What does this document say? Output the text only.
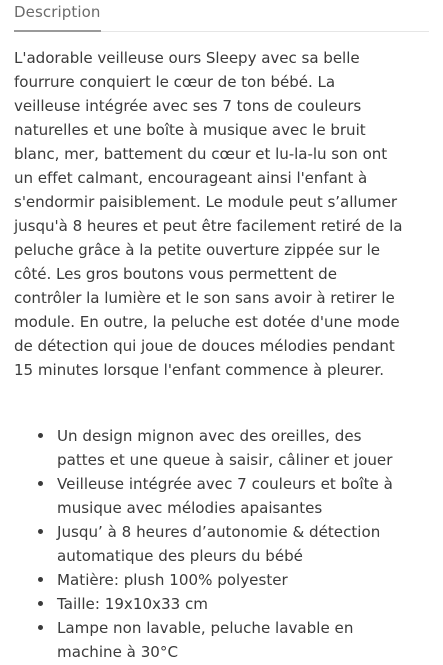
Description

L'adorable veilleuse ours Sleepy avec sa belle fourrure conquiert le cœur de ton bébé. La veilleuse intégrée avec ses 7 tons de couleurs naturelles et une boîte à musique avec le bruit blanc, mer, battement du cœur et lu-la-lu son ont un effet calmant, encourageant ainsi l'enfant à s'endormir paisiblement. Le module peut s’allumer jusqu'à 8 heures et peut être facilement retiré de la peluche grâce à la petite ouverture zippée sur le côté. Les gros boutons vous permettent de contrôler la lumière et le son sans avoir à retirer le module. En outre, la peluche est dotée d'une mode de détection qui joue de douces mélodies pendant 15 minutes lorsque l'enfant commence à pleurer.

Un design mignon avec des oreilles, des pattes et une queue à saisir, câliner et jouer
Veilleuse intégrée avec 7 couleurs et boîte à musique avec mélodies apaisantes
Jusqu’ à 8 heures d’autonomie & détection automatique des pleurs du bébé
Matière: plush 100% polyester
Taille: 19x10x33 cm
Lampe non lavable, peluche lavable en machine à 30°C
